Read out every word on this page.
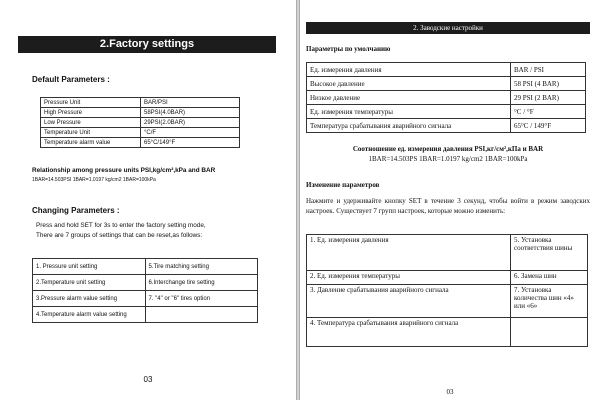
2.Factory settings
Default Parameters :
Pressure Unit	BAR/PSI
High Pressure	58PSI(4.0BAR)
Low Pressure	29PSI(2.0BAR)
Temperature Unit	°C/F
Temperature alarm value	65°C/149°F
Relationship among pressure units PSI,kg/cm²,kPa and BAR
1BAR=14.503PSI 1BAR=1.0197 kg/cm2 1BAR=100kPa
Changing Parameters :
Press and hold SET for 3s to enter the factory setting mode,
There are 7 groups of settings that can be reset,as follows:
1. Pressure unit setting	5.Tire matching setting
2.Temperature unit setting	6.Interchange tire setting
3.Pressure alarm value setting	7. "4" or "6" tires option
4.Temperature alarm value setting	
03
2. Заводские настройки
Параметры по умолчанию
Ед. измерения давления	BAR / PSI
Высокое давление	58 PSI (4 BAR)
Низкое давление	29 PSI (2 BAR)
Ед. измерения температуры	°C / °F
Температура срабатывания аварийного сигнала	65°C / 149°F
Соотношение ед. измерения давления PSI,кг/см²,кПа и BAR
1BAR=14.503PS 1BAR=1.0197 kg/cm2 1BAR=100kPa
Изменение параметров
Нажмите и удерживайте кнопку SET в течение 3 секунд, чтобы войти в режим заводских настроек. Существует 7 групп настроек, которые можно изменить:
1. Ед. измерения давления	5. Установка соответствия шины
2. Ед. измерения температуры	6. Замена шин
3. Давление срабатывания аварийного сигнала	7. Установка количества шин «4» или «6»
4. Температура срабатывания аварийного сигнала	
03
